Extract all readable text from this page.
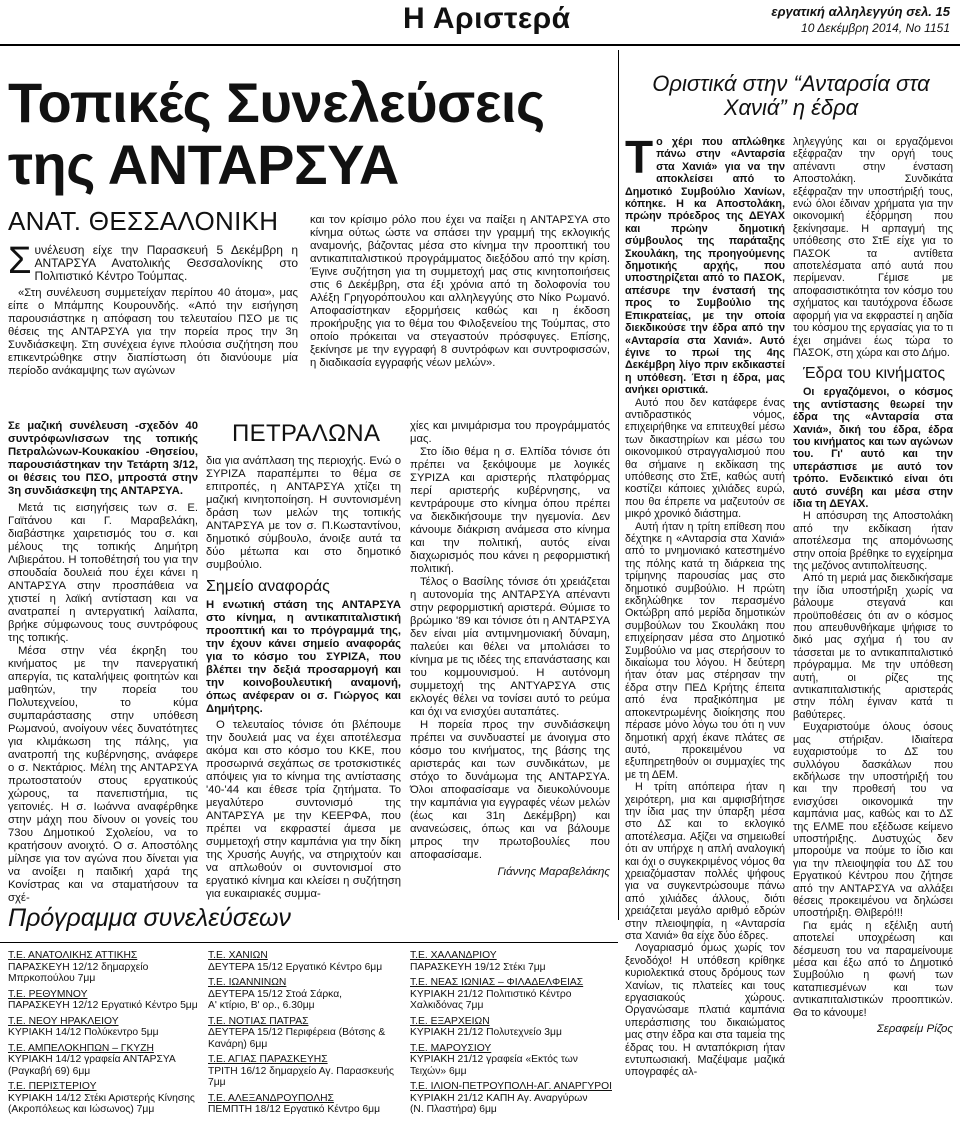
Η Αριστερά	εργατική αλληλεγγύη σελ. 15
10 Δεκέμβρη 2014, Νο 1151
Τοπικές Συνελεύσεις
της ΑΝΤΑΡΣΥΑ
ΑΝΑΤ. ΘΕΣΣΑΛΟΝΙΚΗ

Συνέλευση είχε την Παρασκευή 5 Δεκέμβρη η ΑΝΤΑΡΣΥΑ Ανατολικής Θεσσαλονίκης στο Πολιτιστικό Κέντρο Τούμπας.

«Στη συνέλευση συμμετείχαν περίπου 40 άτομα», μας είπε ο Μπάμπης Κουρουνδής. «Από την εισήγηση παρουσιάστηκε η απόφαση του τελευταίου ΠΣΟ με τις θέσεις της ΑΝΤΑΡΣΥΑ για την πορεία προς την 3η Συνδιάσκεψη. Στη συνέχεια έγινε πλούσια συζήτηση που επικεντρώθηκε στην διαπίστωση ότι διανύουμε μία περίοδο ανάκαμψης των αγώνων

και τον κρίσιμο ρόλο που έχει να παίξει η ΑΝΤΑΡΣΥΑ στο κίνημα ούτως ώστε να σπάσει την γραμμή της εκλογικής αναμονής, βάζοντας μέσα στο κίνημα την προοπτική του αντικαπιταλιστικού προγράμματος διεξόδου από την κρίση. Έγινε συζήτηση για τη συμμετοχή μας στις κινητοποιήσεις στις 6 Δεκέμβρη, στα έξι χρόνια από τη δολοφονία του Αλέξη Γρηγορόπουλου και αλληλεγγύης στο Νίκο Ρωμανό. Αποφασίστηκαν εξορμήσεις καθώς και η έκδοση προκήρυξης για το θέμα του Φιλοξενείου της Τούμπας, στο οποίο πρόκειται να στεγαστούν πρόσφυγες. Επίσης, ξεκίνησε με την εγγραφή 8 συντρόφων και συντροφισσών, η διαδικασία εγγραφής νέων μελών».

Σε μαζική συνέλευση -σχεδόν 40 συντρόφων/ισσων της τοπικής Πετραλώνων-Κουκακίου -Θησείου, παρουσιάστηκαν την Τετάρτη 3/12, οι θέσεις του ΠΣΟ, μπροστά στην 3η συνδιάσκεψη της ΑΝΤΑΡΣΥΑ.

Μετά τις εισηγήσεις των σ. Ε. Γαϊτάνου και Γ. Μαραβελάκη, διαβάστηκε χαιρετισμός του σ. και μέλους της τοπικής Δημήτρη Λιβιεράτου. Η τοποθέτησή του για την σπουδαία δουλειά που έχει κάνει η ΑΝΤΑΡΣΥΑ στην προσπάθεια να χτιστεί η λαϊκή αντίσταση και να ανατραπεί η αντεργατική λαίλαπα, βρήκε σύμφωνους τους συντρόφους της τοπικής.

Μέσα στην νέα έκρηξη του κινήματος με την πανεργατική απεργία, τις καταλήψεις φοιτητών και μαθητών, την πορεία του Πολυτεχνείου, το κύμα συμπαράστασης στην υπόθεση Ρωμανού, ανοίγουν νέες δυνατότητες για κλιμάκωση της πάλης, για ανατροπή της κυβέρνησης, ανάφερε ο σ. Νεκτάριος. Μέλη της ΑΝΤΑΡΣΥΑ πρωτοστατούν στους εργατικούς χώρους, τα πανεπιστήμια, τις γειτονιές. Η σ. Ιωάννα αναφέρθηκε στην μάχη που δίνουν οι γονείς του 73ου Δημοτικού Σχολείου, να το κρατήσουν ανοιχτό. Ο σ. Αποστόλης μίλησε για τον αγώνα που δίνεται για να ανοίξει η παιδική χαρά της Κονίστρας και να σταματήσουν τα σχέ-

ΠΕΤΡΑΛΩΝΑ

δια για ανάπλαση της περιοχής. Ενώ ο ΣΥΡΙΖΑ παραπέμπει το θέμα σε επιτροπές, η ΑΝΤΑΡΣΥΑ χτίζει τη μαζική κινητοποίηση. Η συντονισμένη δράση των μελών της τοπικής ΑΝΤΑΡΣΥΑ με τον σ. Π.Κωσταντίνου, δημοτικό σύμβουλο, άνοιξε αυτά τα δύο μέτωπα και στο δημοτικό συμβούλιο.

Σημείο αναφοράς

Η ενωτική στάση της ΑΝΤΑΡΣΥΑ στο κίνημα, η αντικαπιταλιστική προοπτική και το πρόγραμμά της, την έχουν κάνει σημείο αναφοράς για το κόσμο του ΣΥΡΙΖΑ, που βλέπει την δεξιά προσαρμογή και την κοινοβουλευτική αναμονή, όπως ανέφεραν οι σ. Γιώργος και Δημήτρης.

Ο τελευταίος τόνισε ότι βλέπουμε την δουλειά μας να έχει αποτέλεσμα ακόμα και στο κόσμο του ΚΚΕ, που προσωρινά σεχάπως σε τροτσκιστικές απόψεις για το κίνημα της αντίστασης '40-'44 και έθεσε τρία ζητήματα. Το μεγαλύτερο συντονισμό της ΑΝΤΑΡΣΥΑ με την ΚΕΕΡΦΑ, που πρέπει να εκφραστεί άμεσα με συμμετοχή στην καμπάνια για την δίκη της Χρυσής Αυγής, να στηριχτούν και να απλωθούν οι συντονισμοί στο εργατικό κίνημα και κλείσει η συζήτηση για ευκαιριακές συμμα-

χίες και μινιμάρισμα του προγράμματός μας.

Στο ίδιο θέμα η σ. Ελπίδα τόνισε ότι πρέπει να ξεκόψουμε με λογικές ΣΥΡΙΖΑ και αριστερής πλατφόρμας περί αριστερής κυβέρνησης, να κεντράρουμε στο κίνημα όπου πρέπει να διεκδικήσουμε την ηγεμονία. Δεν κάνουμε διάκριση ανάμεσα στο κίνημα και την πολιτική, αυτός είναι διαχωρισμός που κάνει η ρεφορμιστική πολιτική.

Τέλος ο Βασίλης τόνισε ότι χρειάζεται η αυτονομία της ΑΝΤΑΡΣΥΑ απέναντι στην ρεφορμιστική αριστερά. Θύμισε το βρώμικο '89 και τόνισε ότι η ΑΝΤΑΡΣΥΑ δεν είναι μία αντιμνημονιακή δύναμη, παλεύει και θέλει να μπολιάσει το κίνημα με τις ιδέες της επανάστασης και του κομμουνισμού. Η αυτόνομη συμμετοχή της ΑΝΤΥΑΡΣΥΑ στις εκλογές θέλει να τονίσει αυτό το ρεύμα και όχι να ενισχύει αυταπάτες.

Η πορεία προς την συνδιάσκεψη πρέπει να συνδυαστεί με άνοιγμα στο κόσμο του κινήματος, της βάσης της αριστεράς και των συνδικάτων, με στόχο το δυνάμωμα της ΑΝΤΑΡΣΥΑ. Όλοι αποφασίσαμε να διευκολύνουμε την καμπάνια για εγγραφές νέων μελών (έως και 31η Δεκέμβρη) και ανανεώσεις, όπως και να βάλουμε μπρος την πρωτοβουλίες που αποφασίσαμε.

Γιάννης Μαραβελάκης
Οριστικά στην “Ανταρσία στα Χανιά” η έδρα

Το χέρι που απλώθηκε πάνω στην «Ανταρσία στα Χανιά» για να την αποκλείσει από το Δημοτικό Συμβούλιο Χανίων, κόπηκε. Η κα Αποστολάκη, πρώην πρόεδρος της ΔΕΥΑΧ και πρώην δημοτική σύμβουλος της παράταξης Σκουλάκη, της προηγούμενης δημοτικής αρχής, που υποστηρίζεται από το ΠΑΣΟΚ, απέσυρε την ένστασή της προς το Συμβούλιο της Επικρατείας, με την οποία διεκδικούσε την έδρα από την «Ανταρσία στα Χανιά». Αυτό έγινε το πρωί της 4ης Δεκέμβρη λίγο πριν εκδικαστεί η υπόθεση. Έτσι η έδρα, μας ανήκει οριστικά.

Αυτό που δεν κατάφερε ένας αντιδραστικός νόμος, επιχειρήθηκε να επιτευχθεί μέσω των δικαστηρίων και μέσω του οικονομικού στραγγαλισμού που θα σήμαινε η εκδίκαση της υπόθεσης στο ΣτΕ, καθώς αυτή κοστίζει κάποιες χιλιάδες ευρώ, που θα έπρεπε να μαζευτούν σε μικρό χρονικό διάστημα.

Αυτή ήταν η τρίτη επίθεση που δέχτηκε η «Ανταρσία στα Χανιά» από το μνημονιακό κατεστημένο της πόλης κατά τη διάρκεια της τρίμηνης παρουσίας μας στο δημοτικό συμβούλιο. Η πρώτη εκδηλώθηκε τον περασμένο Οκτώβρη από μερίδα δημοτικών συμβούλων του Σκουλάκη που επιχείρησαν μέσα στο Δημοτικό Συμβούλιο να μας στερήσουν το δικαίωμα του λόγου. Η δεύτερη ήταν όταν μας στέρησαν την έδρα στην ΠΕΔ Κρήτης έπειτα από ένα πραξικόπημα με αποκεντρωμένης διοίκησης που πέρασε μόνο λόγω του ότι η νυν δημοτική αρχή έκανε πλάτες σε αυτό, προκειμένου να εξυπηρετηθούν οι συμμαχίες της με τη ΔΕΜ.

Η τρίτη απόπειρα ήταν η χειρότερη, μια και αμφισβήτησε την ίδια μας την ύπαρξη μέσα στο ΔΣ και το εκλογικό αποτέλεσμα. Αξίζει να σημειωθεί ότι αν υπήρχε η απλή αναλογική και όχι ο συγκεκριμένος νόμος θα χρειαζόμασταν πολλές ψήφους για να συγκεντρώσουμε πάνω από χιλιάδες άλλους, διότι χρειάζεται μεγάλο αριθμό εδρών στην πλειοψηφία, η «Ανταρσία στα Χανιά» θα είχε δύο έδρες.

Λογαριασμό όμως χωρίς τον ξενοδόχο! Η υπόθεση κρίθηκε κυριολεκτικά στους δρόμους των Χανίων, τις πλατείες και τους εργασιακούς χώρους. Οργανώσαμε πλατιά καμπάνια υπεράσπισης του δικαιώματος μας στην έδρα και στα ταμεία της έδρας του. Η ανταπόκριση ήταν εντυπωσιακή. Μαζέψαμε μαζικά υπογραφές αλ-

ληλεγγύης και οι εργαζόμενοι εξέφραζαν την οργή τους απέναντι στην ένσταση Αποστολάκη. Συνδικάτα εξέφραζαν την υποστήριξή τους, ενώ όλοι έδιναν χρήματα για την οικονομική έξόρμηση που ξεκίνησαμε. Η αρπαγμή της υπόθεσης στο ΣτΕ είχε για το ΠΑΣΟΚ τα αντίθετα αποτελέσματα από αυτά που περίμεναν. Γέμισε με αποφασιστικότητα τον κόσμο του σχήματος και ταυτόχρονα έδωσε αφορμή για να εκφραστεί η αηδία του κόσμου της εργασίας για το τι έχει σημάνει έως τώρα το ΠΑΣΟΚ, στη χώρα και στο Δήμο.

Έδρα του κινήματος

Οι εργαζόμενοι, ο κόσμος της αντίστασης θεωρεί την έδρα της «Ανταρσία στα Χανιά», δική του έδρα, έδρα του κινήματος και των αγώνων του. Γι' αυτό και την υπεράσπισε με αυτό τον τρόπο. Ενδεικτικό είναι ότι αυτό συνέβη και μέσα στην ίδια τη ΔΕΥΑΧ.

Η απόσυρση της Αποστολάκη από την εκδίκαση ήταν αποτέλεσμα της απομόνωσης στην οποία βρέθηκε το εγχείρημα της μεζόνος αντιπολίτευσης.

Από τη μεριά μας διεκδικήσαμε την ίδια υποστήριξη χωρίς να βάλουμε στεγανά και προϋποθέσεις ότι αν ο κόσμος που απευθυνθήκαμε ψήφισε το δικό μας σχήμα ή του αν τάσσεται με το αντικαπιταλιστικό πρόγραμμα. Με την υπόθεση αυτή, οι ρίζες της αντικαπιταλιστικής αριστεράς στην πόλη έγιναν κατά τι βαθύτερες.

Ευχαριστούμε όλους όσους μας στήριξαν. Ιδιαίτερα ευχαριστούμε το ΔΣ του συλλόγου δασκάλων που εκδήλωσε την υποστήριξή του και την προθεσή του να ενισχύσει οικονομικά την καμπάνια μας, καθώς και το ΔΣ της ΕΛΜΕ που εξέδωσε κείμενο υποστήριξης. Δυστυχώς δεν μπορούμε να πούμε το ίδιο και για την πλειοψηφία του ΔΣ του Εργατικού Κέντρου που ζήτησε από την ΑΝΤΑΡΣΥΑ να αλλάξει θέσεις προκειμένου να δηλώσει υποστήριξη. Θλιβερό!!!

Για εμάς η εξέλιξη αυτή αποτελεί υποχρέωση και δέσμευση του να παραμείνουμε μέσα και έξω από το Δημοτικό Συμβούλιο η φωνή των καταπιεσμένων και των αντικαπιταλιστικών προοπτικών. Θα το κάνουμε!

Σεραφείμ Ρίζος
Πρόγραμμα συνελεύσεων
Τ.Ε. ΑΝΑΤΟΛΙΚΗΣ ΑΤΤΙΚΗΣ
ΠΑΡΑΣΚΕΥΗ 12/12 δημαρχείο Μπρκοπούλου 7μμ
Τ.Ε. ΡΕΘΥΜΝΟΥ
ΠΑΡΑΣΚΕΥΗ 12/12 Εργατικό Κέντρο 5μμ
Τ.Ε. ΝΕΟΥ ΗΡΑΚΛΕΙΟΥ
ΚΥΡΙΑΚΗ 14/12 Πολύκεντρο 5μμ
Τ.Ε. ΑΜΠΕΛΟΚΗΠΩΝ – ΓΚΥΖΗ
ΚΥΡΙΑΚΗ 14/12 γραφεία ΑΝΤΑΡΣΥΑ
(Ραγκαβή 69) 6μμ
Τ.Ε. ΠΕΡΙΣΤΕΡΙΟΥ
ΚΥΡΙΑΚΗ 14/12 Στέκι Αριστερής Κίνησης
(Ακροπόλεως και Ιώσωνος) 7μμ
Τ.Ε. ΧΑΝΙΩΝ
ΔΕΥΤΕΡΑ 15/12 Εργατικό Κέντρο 6μμ
Τ.Ε. ΙΩΑΝΝΙΝΩΝ
ΔΕΥΤΕΡΑ 15/12 Στοά Σάρκα,
Α' κτίριο, Β' ορ., 6.30μμ
Τ.Ε. ΝΟΤΙΑΣ ΠΑΤΡΑΣ
ΔΕΥΤΕΡΑ 15/12 Περιφέρεια (Βότσης & Κανάρη) 6μμ
Τ.Ε. ΑΓΙΑΣ ΠΑΡΑΣΚΕΥΗΣ
ΤΡΙΤΗ 16/12 δημαρχείο Αγ. Παρασκευής 7μμ
Τ.Ε. ΑΛΕΞΑΝΔΡΟΥΠΟΛΗΣ
ΠΕΜΠΤΗ 18/12 Εργατικό Κέντρο 6μμ
Τ.Ε. ΧΑΛΑΝΔΡΙΟΥ
ΠΑΡΑΣΚΕΥΗ 19/12 Στέκι 7μμ
Τ.Ε. ΝΕΑΣ ΙΩΝΙΑΣ – ΦΙΛΑΔΕΛΦΕΙΑΣ
ΚΥΡΙΑΚΗ 21/12 Πολιτιστικό Κέντρο Χαλκιδόνας 7μμ
Τ.Ε. ΕΞΑΡΧΕΙΩΝ
ΚΥΡΙΑΚΗ 21/12 Πολυτεχνείο 3μμ
Τ.Ε. ΜΑΡΟΥΣΙΟΥ
ΚΥΡΙΑΚΗ 21/12 γραφεία «Εκτός των Τειχών» 6μμ
Τ.Ε. ΙΛΙΟΝ-ΠΕΤΡΟΥΠΟΛΗ-ΑΓ. ΑΝΑΡΓΥΡΟΙ
ΚΥΡΙΑΚΗ 21/12 ΚΑΠΗ Αγ. Αναργύρων
(Ν. Πλαστήρα) 6μμ
